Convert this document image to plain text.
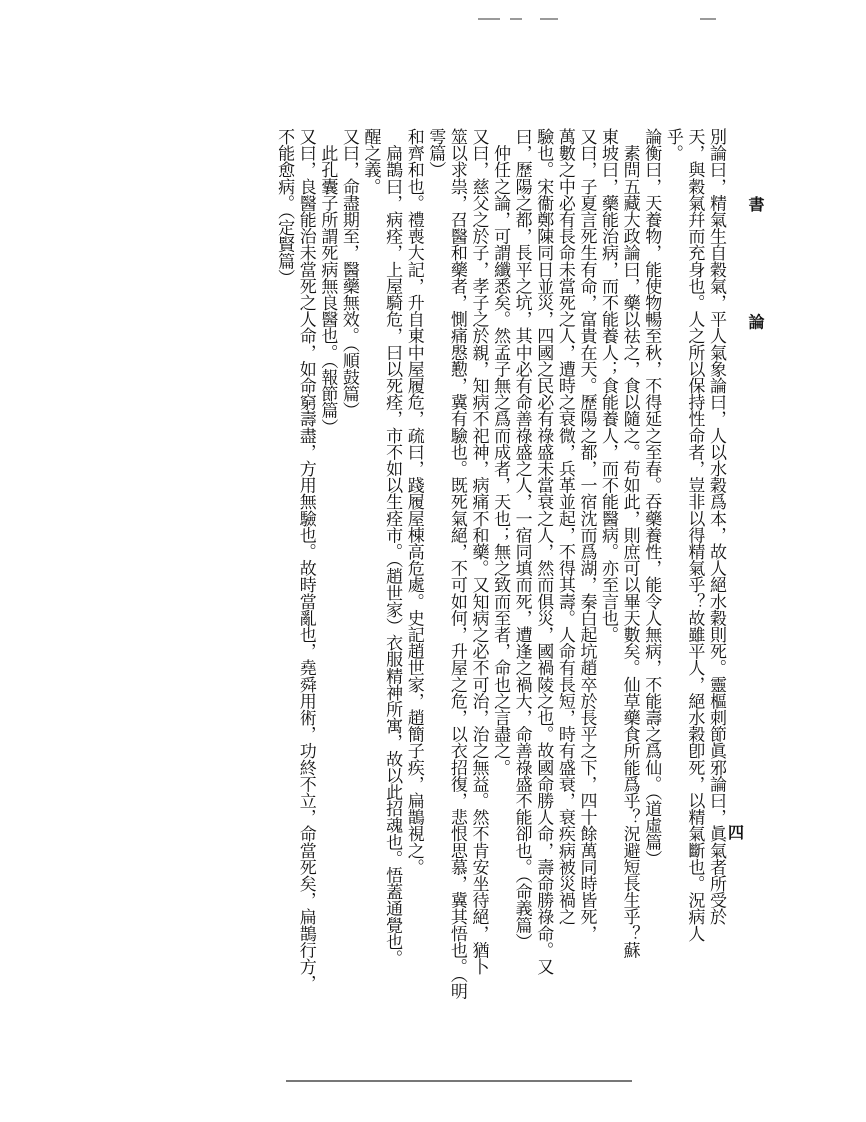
書 論
四
別論曰，精氣生自穀氣，平人氣象論曰，人以水穀爲本，故人絕水穀則死。靈樞刺節眞邪論曰，眞氣者所受於
天，與穀氣幷而充身也。人之所以保持性命者，豈非以得精氣乎？故雖平人，絕水穀卽死，以精氣斷也。況病人
乎。
論衡曰，天養物，能使物暢至秋，不得延之至春。吞藥養性，能令人無病，不能壽之爲仙。（道虛篇）
　素問五藏大政論曰，藥以祛之，食以隨之。苟如此，則庶可以畢天數矣。仙草藥食所能爲乎？況避短長生乎？蘇
東坡曰，藥能治病，而不能養人；食能養人，而不能醫病。亦至言也。
又曰，子夏言死生有命，富貴在天。歷陽之都，一宿沈而爲湖，秦白起坑趙卒於長平之下，四十餘萬同時皆死，
萬數之中必有長命未當死之人，遭時之衰微，兵革並起，不得其壽。人命有長短，時有盛衰，衰疾病被災禍之
驗也。宋衞鄭陳同日並災，四國之民必有祿盛未當衰之人，然而俱災，國禍陵之也。故國命勝人命，壽命勝祿命。又
曰，歷陽之都，長平之坑，其中必有命善祿盛之人，一宿同填而死，遭逢之禍大，命善祿盛不能卻也。（命義篇）
　仲任之論，可謂纖悉矣。然孟子無之爲而成者，天也；無之致而至者，命也之言盡之。
又曰，慈父之於子，孝子之於親，知病不祀神，病痛不和藥。又知病之必不可治，治之無益。然不肯安坐待絕，猶卜
筮以求祟，召醫和藥者，惻痛慇懃，冀有驗也。既死氣絕，不可如何，升屋之危，以衣招復，悲恨思慕，冀其悟也。（明
雩篇）
和齊和也。禮喪大記，升自東中屋履危，疏曰，踐履屋棟高危處。史記趙世家，趙簡子疾，扁鵲視之。
　扁鵲曰，病痊，上屋騎危，曰以死痊，市不如以生痊市。（趙世家）衣服精神所寓，故以此招魂也。悟蓋通覺也。
醒之義。
又曰，命盡期至，醫藥無效。（順鼓篇）
　此孔囊子所謂死病無良醫也。（報節篇）
又曰，良醫能治未當死之人命，如命窮壽盡，方用無驗也。故時當亂也，堯舜用術，功終不立，命當死矣，扁鵲行方，
不能愈病。（定賢篇）
